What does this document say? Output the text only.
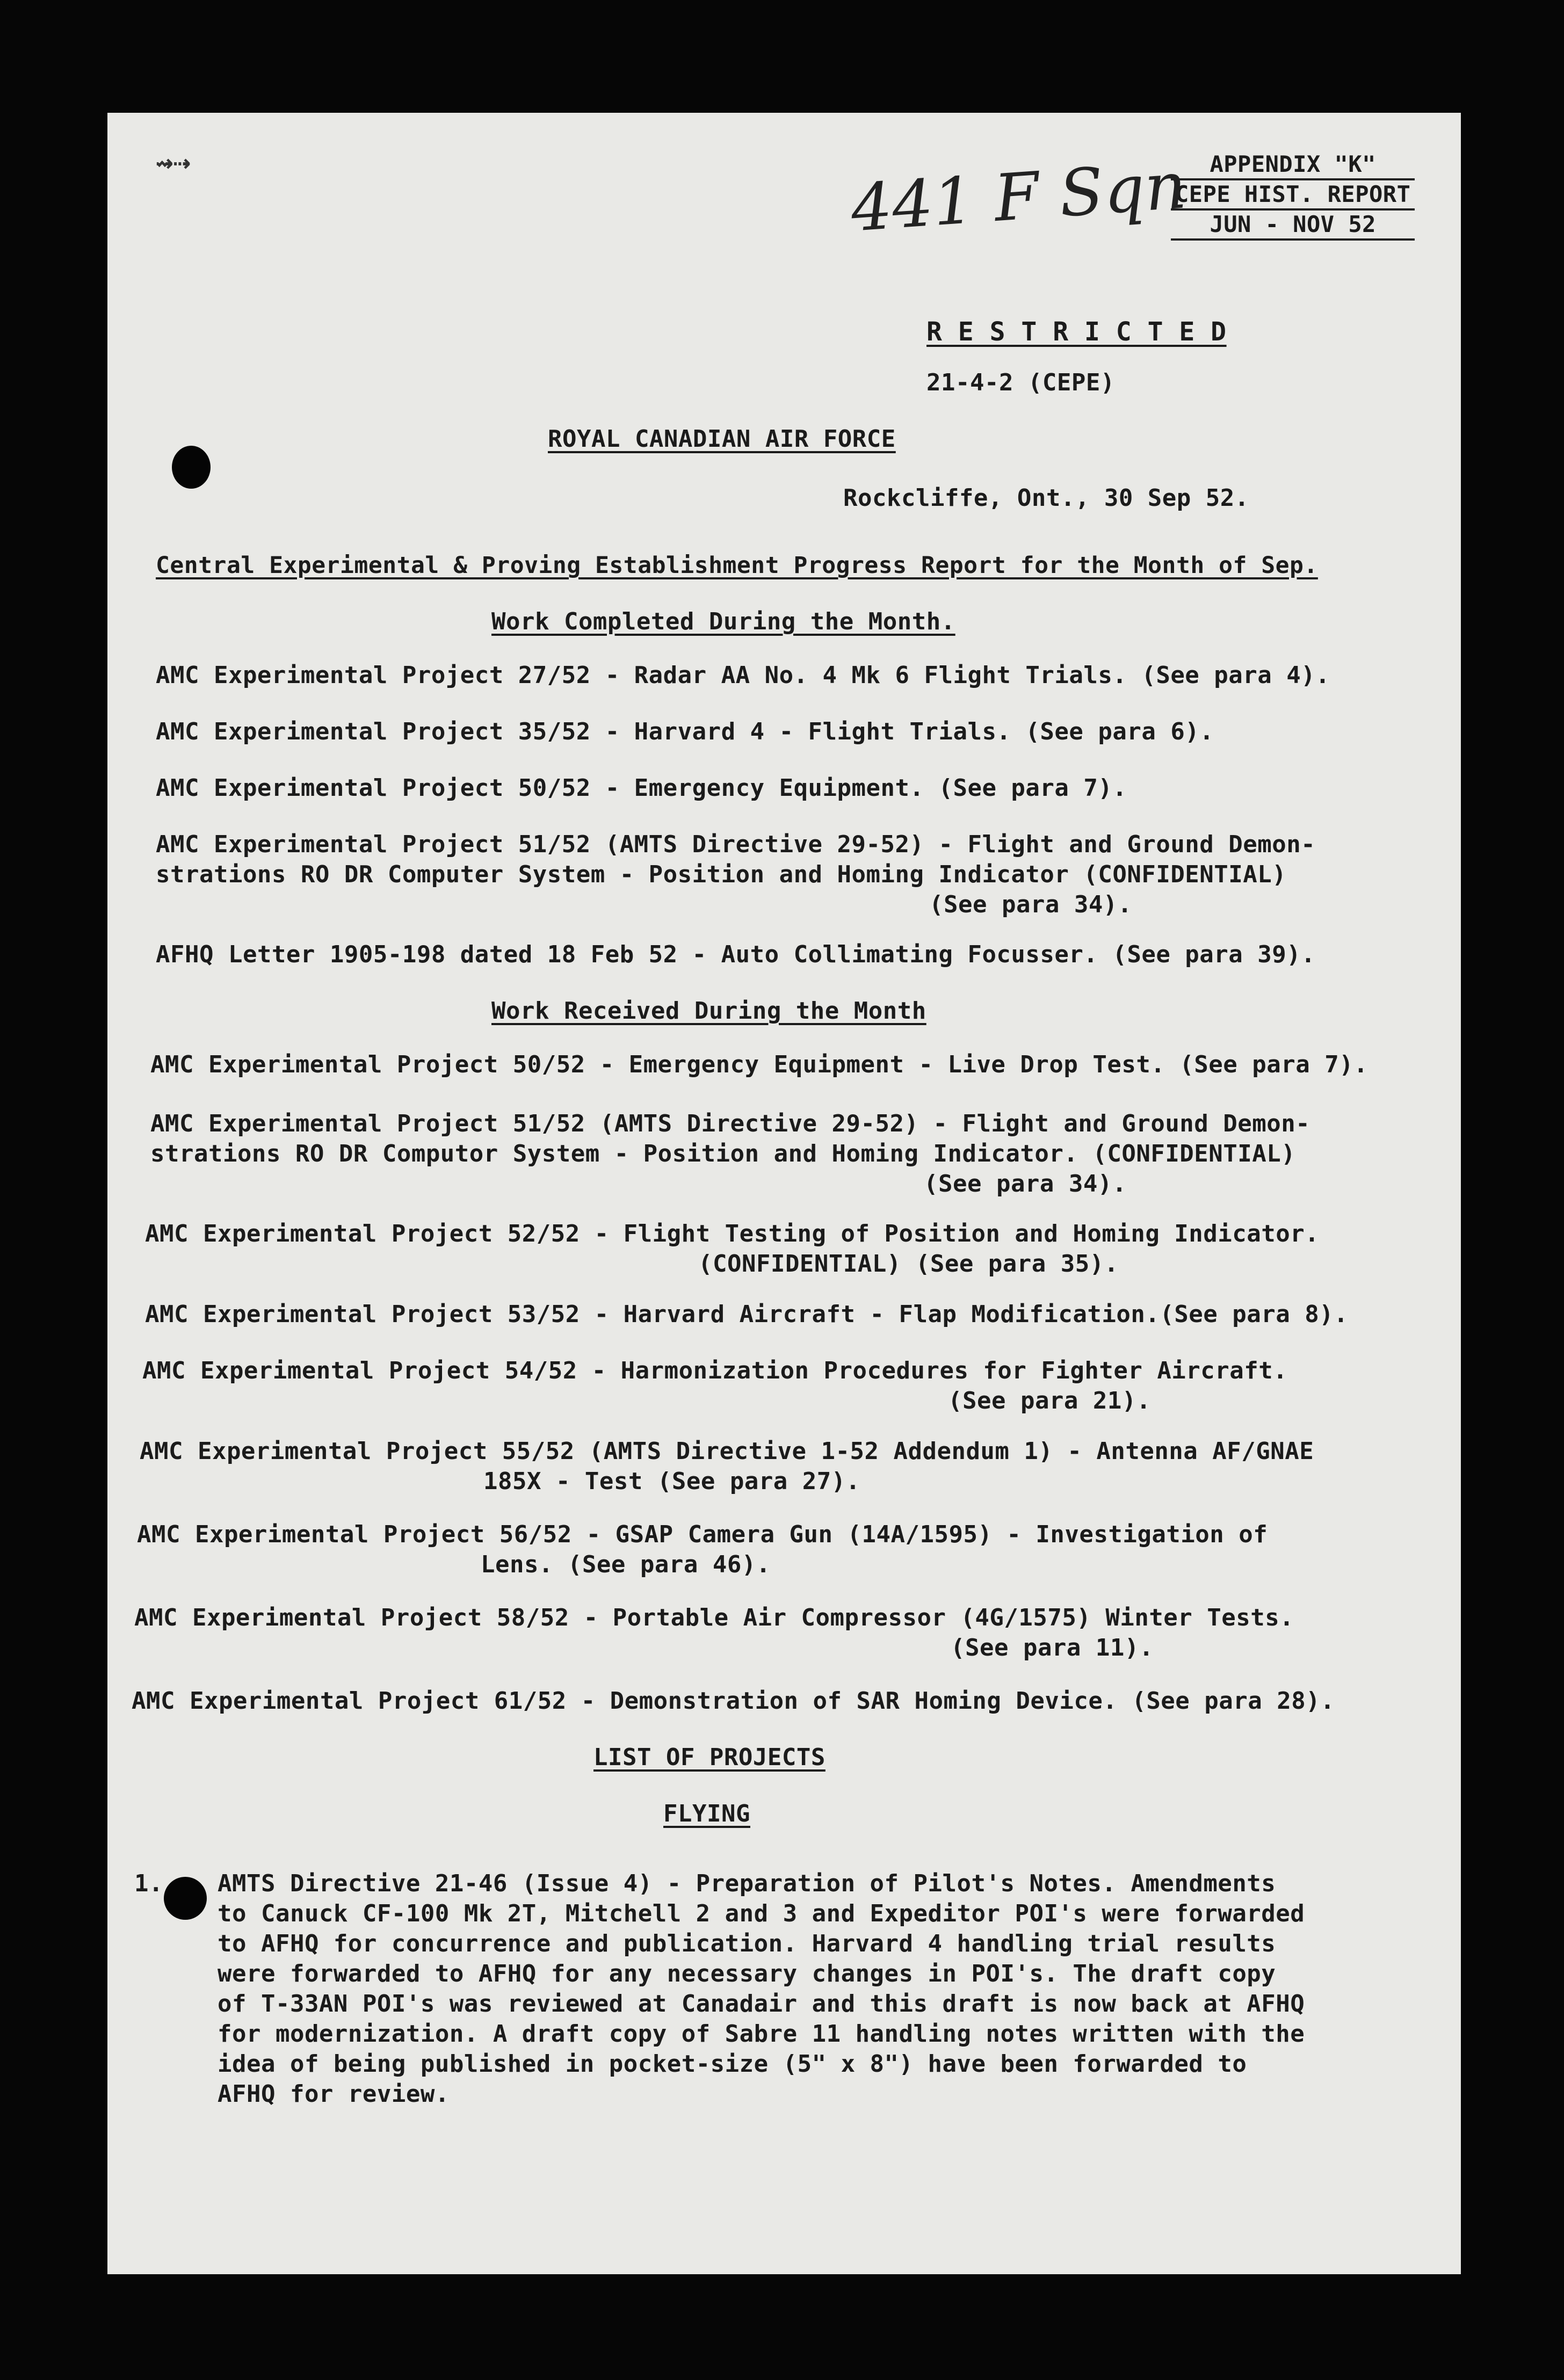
⇝⇢	APPENDIX "K"
CEPE HIST. REPORT
JUN - NOV 52
441 F Sqn
R E S T R I C T E D
21-4-2 (CEPE)
ROYAL CANADIAN AIR FORCE
Rockcliffe, Ont., 30 Sep 52.
Central Experimental & Proving Establishment Progress Report for the Month of Sep.
Work Completed During the Month.
AMC Experimental Project 27/52 - Radar AA No. 4 Mk 6 Flight Trials. (See para 4).
AMC Experimental Project 35/52 - Harvard 4 - Flight Trials. (See para 6).
AMC Experimental Project 50/52 - Emergency Equipment. (See para 7).
AMC Experimental Project 51/52 (AMTS Directive 29-52) - Flight and Ground Demon-
strations RO DR Computer System - Position and Homing Indicator (CONFIDENTIAL)
(See para 34).
AFHQ Letter 1905-198 dated 18 Feb 52 - Auto Collimating Focusser. (See para 39).
Work Received During the Month
AMC Experimental Project 50/52 - Emergency Equipment - Live Drop Test. (See para 7).
AMC Experimental Project 51/52 (AMTS Directive 29-52) - Flight and Ground Demon-
strations RO DR Computor System - Position and Homing Indicator. (CONFIDENTIAL)
(See para 34).
AMC Experimental Project 52/52 - Flight Testing of Position and Homing Indicator.
(CONFIDENTIAL) (See para 35).
AMC Experimental Project 53/52 - Harvard Aircraft - Flap Modification.(See para 8).
AMC Experimental Project 54/52 - Harmonization Procedures for Fighter Aircraft.
(See para 21).
AMC Experimental Project 55/52 (AMTS Directive 1-52 Addendum 1) - Antenna AF/GNAE
185X - Test (See para 27).
AMC Experimental Project 56/52 - GSAP Camera Gun (14A/1595) - Investigation of
Lens. (See para 46).
AMC Experimental Project 58/52 - Portable Air Compressor (4G/1575) Winter Tests.
(See para 11).
AMC Experimental Project 61/52 - Demonstration of SAR Homing Device. (See para 28).
LIST OF PROJECTS
FLYING
1. AMTS Directive 21-46 (Issue 4) - Preparation of Pilot's Notes. Amendments
to Canuck CF-100 Mk 2T, Mitchell 2 and 3 and Expeditor POI's were forwarded
to AFHQ for concurrence and publication. Harvard 4 handling trial results
were forwarded to AFHQ for any necessary changes in POI's. The draft copy
of T-33AN POI's was reviewed at Canadair and this draft is now back at AFHQ
for modernization. A draft copy of Sabre 11 handling notes written with the
idea of being published in pocket-size (5" x 8") have been forwarded to
AFHQ for review.
